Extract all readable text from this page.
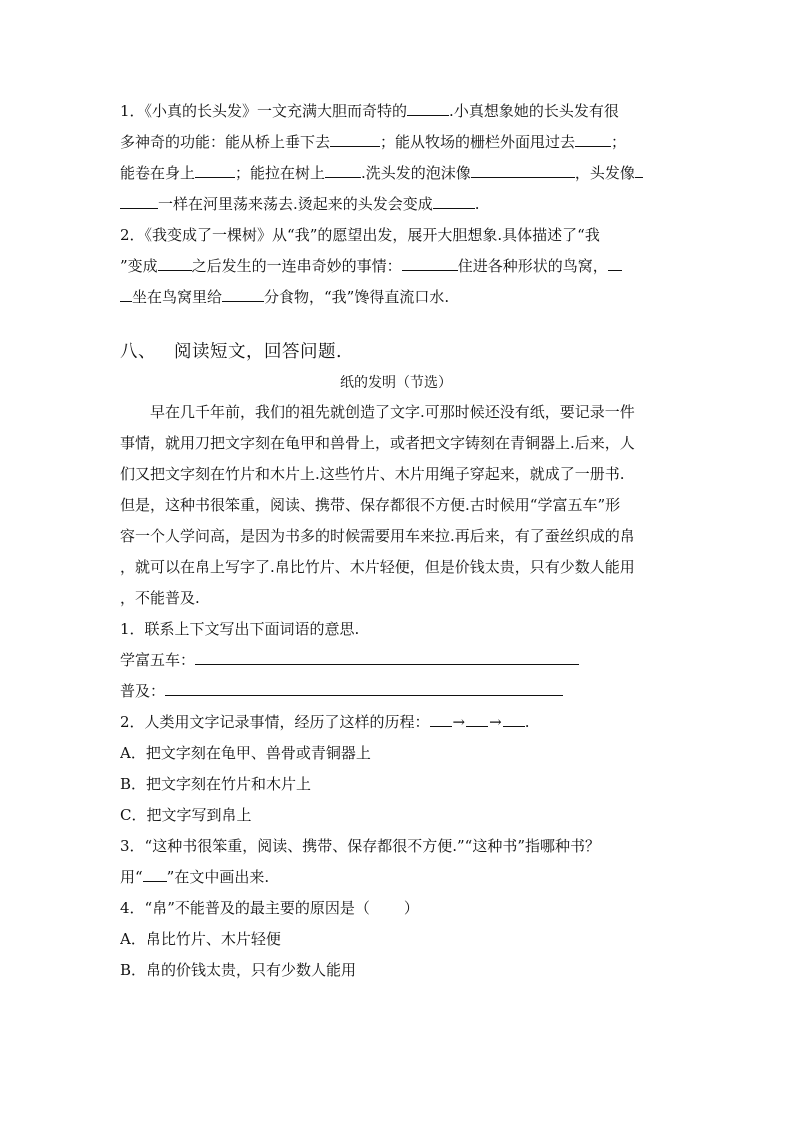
1．《小真的长头发》一文充满大胆而奇特的	.小真想象她的长头发有很
多神奇的功能：能从桥上垂下去	；能从牧场的栅栏外面甩过去 ；
能卷在身上	；能拉在树上 .洗头发的泡沫像	，头发像
一样在河里荡来荡去.烫起来的头发会变成	.
2．《我变成了一棵树》从“我”的愿望出发，展开大胆想象.具体描述了“我
”变成 之后发生的一连串奇妙的事情：	住进各种形状的鸟窝，
坐在鸟窝里给	分食物，“我”馋得直流口水.
八、 阅读短文，回答问题.
纸的发明（节选）
早在几千年前，我们的祖先就创造了文字.可那时候还没有纸，要记录一件
事情，就用刀把文字刻在龟甲和兽骨上，或者把文字铸刻在青铜器上.后来，人
们又把文字刻在竹片和木片上.这些竹片、木片用绳子穿起来，就成了一册书.
但是，这种书很笨重，阅读、携带、保存都很不方便.古时候用“学富五车”形
容一个人学问高，是因为书多的时候需要用车来拉.再后来，有了蚕丝织成的帛
，就可以在帛上写字了.帛比竹片、木片轻便，但是价钱太贵，只有少数人能用
，不能普及.
1．联系上下文写出下面词语的意思.
学富五车：
普及：
2．人类用文字记录事情，经历了这样的历程： → → .
A．把文字刻在龟甲、兽骨或青铜器上
B．把文字刻在竹片和木片上
C．把文字写到帛上
3．“这种书很笨重，阅读、携带、保存都很不方便.”“这种书”指哪种书？
用“ ”在文中画出来.
4．“帛”不能普及的最主要的原因是（ ）
A．帛比竹片、木片轻便
B．帛的价钱太贵，只有少数人能用
